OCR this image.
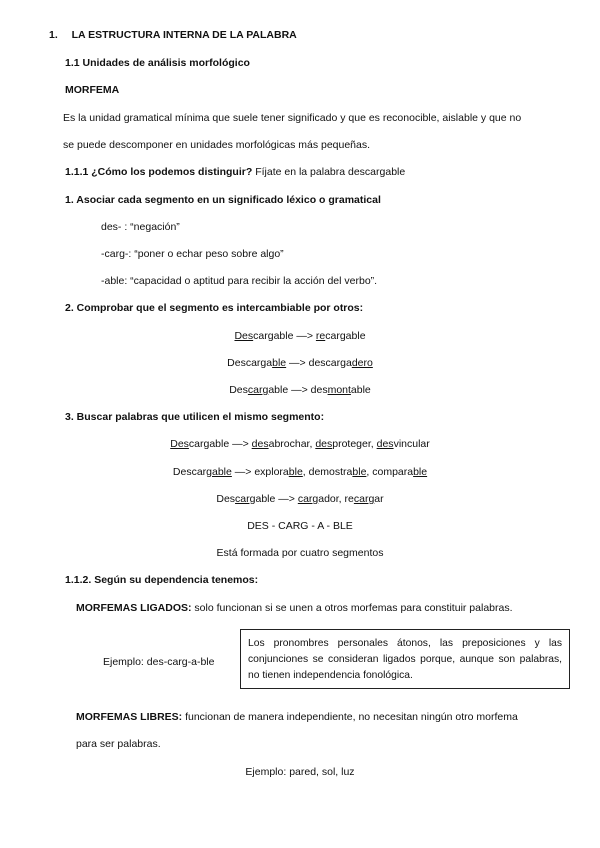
1. LA ESTRUCTURA INTERNA DE LA PALABRA
1.1 Unidades de análisis morfológico
MORFEMA
Es la unidad gramatical mínima que suele tener significado y que es reconocible, aislable y que no
se puede descomponer en unidades morfológicas más pequeñas.
1.1.1 ¿Cómo los podemos distinguir? Fíjate en la palabra descargable
1. Asociar cada segmento en un significado léxico o gramatical
des- : “negación”
-carg-: “poner o echar peso sobre algo”
-able: “capacidad o aptitud para recibir la acción del verbo”.
2. Comprobar que el segmento es intercambiable por otros:
Descargable —> recargable
Descargable —> descargadero
Descargable —> desmontable
3. Buscar palabras que utilicen el mismo segmento:
Descargable —> desabrochar, desproteger, desvincular
Descargable —> explorable, demostrable, comparable
Descargable —> cargador, recargar
DES - CARG - A - BLE
Está formada por cuatro segmentos
1.1.2. Según su dependencia tenemos:
MORFEMAS LIGADOS: solo funcionan si se unen a otros morfemas para constituir palabras.
Ejemplo: des-carg-a-ble
Los pronombres personales átonos, las preposiciones y las conjunciones se consideran ligados porque, aunque son palabras, no tienen independencia fonológica.
MORFEMAS LIBRES: funcionan de manera independiente, no necesitan ningún otro morfema
para ser palabras.
Ejemplo: pared, sol, luz
